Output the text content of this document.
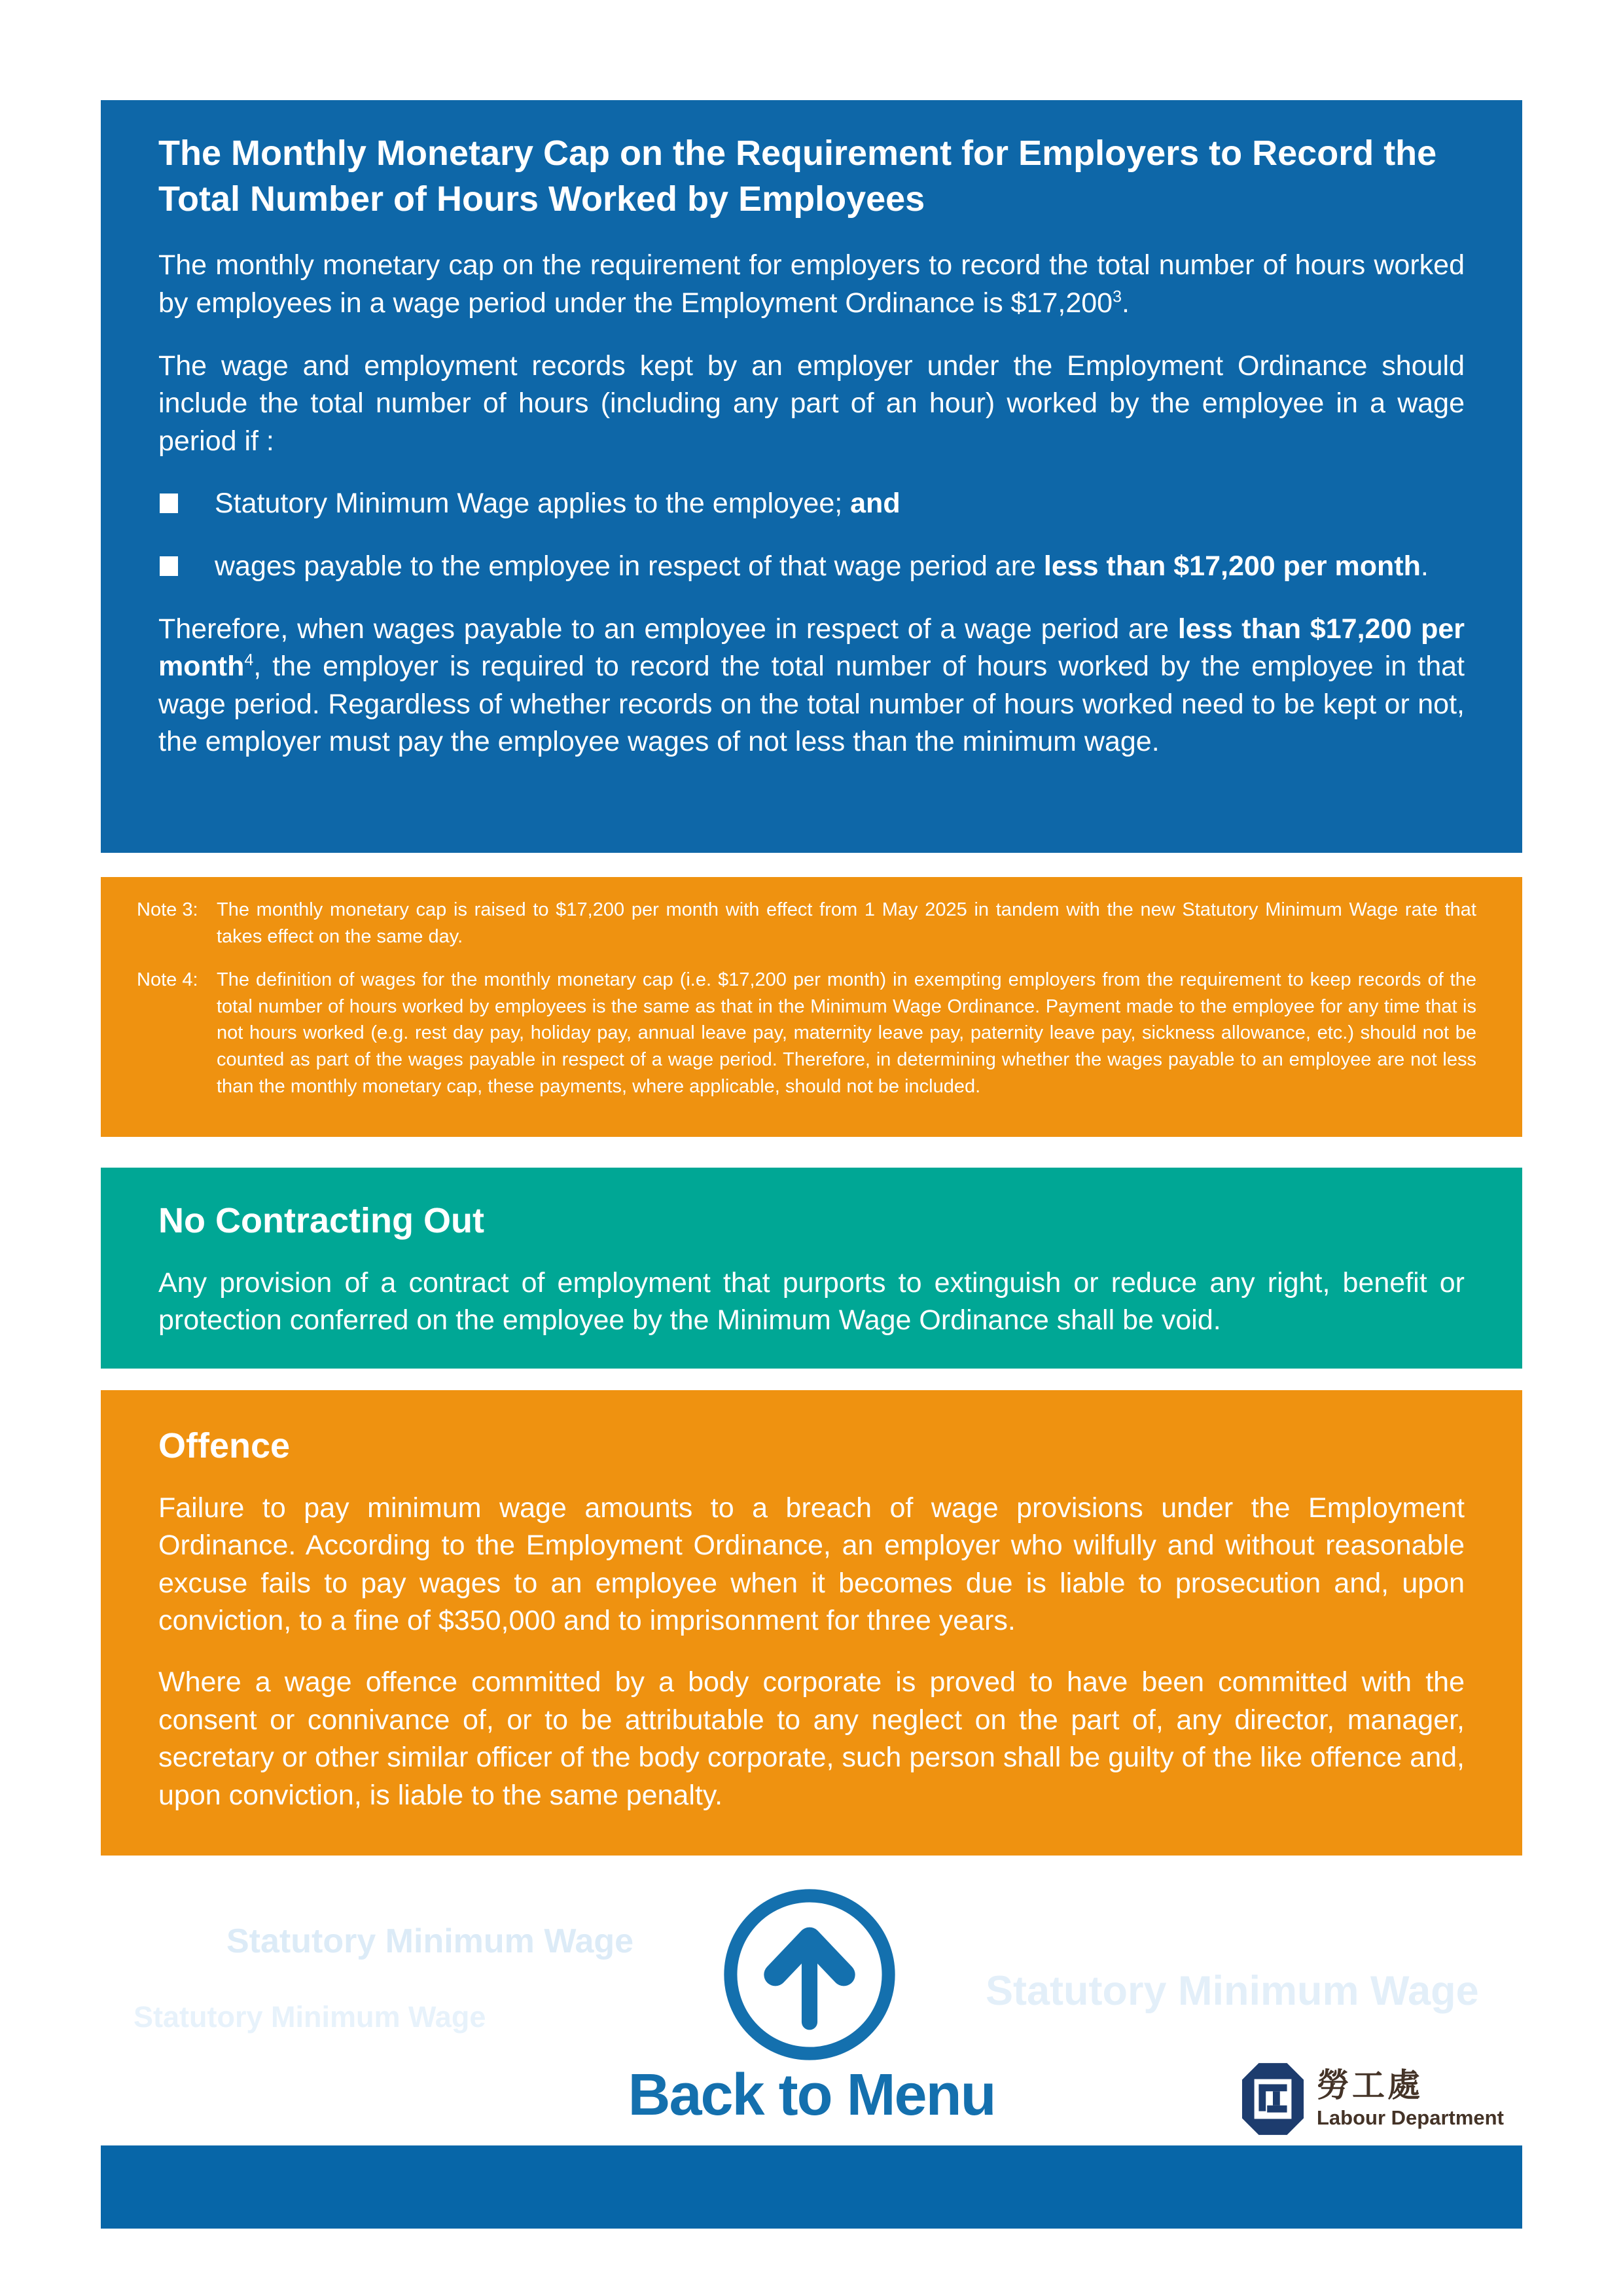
The Monthly Monetary Cap on the Requirement for Employers to Record the Total Number of Hours Worked by Employees

The monthly monetary cap on the requirement for employers to record the total number of hours worked by employees in a wage period under the Employment Ordinance is $17,200$^3$.

The wage and employment records kept by an employer under the Employment Ordinance should include the total number of hours (including any part of an hour) worked by the employee in a wage period if :

Statutory Minimum Wage applies to the employee; and
wages payable to the employee in respect of that wage period are less than $17,200 per month.

Therefore, when wages payable to an employee in respect of a wage period are less than $17,200 per month$^4$, the employer is required to record the total number of hours worked by the employee in that wage period. Regardless of whether records on the total number of hours worked need to be kept or not, the employer must pay the employee wages of not less than the minimum wage.

Note 3: The monthly monetary cap is raised to $17,200 per month with effect from 1 May 2025 in tandem with the new Statutory Minimum Wage rate that takes effect on the same day.
Note 4: The definition of wages for the monthly monetary cap (i.e. $17,200 per month) in exempting employers from the requirement to keep records of the total number of hours worked by employees is the same as that in the Minimum Wage Ordinance. Payment made to the employee for any time that is not hours worked (e.g. rest day pay, holiday pay, annual leave pay, maternity leave pay, paternity leave pay, sickness allowance, etc.) should not be counted as part of the wages payable in respect of a wage period. Therefore, in determining whether the wages payable to an employee are not less than the monthly monetary cap, these payments, where applicable, should not be included.
No Contracting Out

Any provision of a contract of employment that purports to extinguish or reduce any right, benefit or protection conferred on the employee by the Minimum Wage Ordinance shall be void.

Offence

Failure to pay minimum wage amounts to a breach of wage provisions under the Employment Ordinance. According to the Employment Ordinance, an employer who wilfully and without reasonable excuse fails to pay wages to an employee when it becomes due is liable to prosecution and, upon conviction, to a fine of $350,000 and to imprisonment for three years.

Where a wage offence committed by a body corporate is proved to have been committed with the consent or connivance of, or to be attributable to any neglect on the part of, any director, manager, secretary or other similar officer of the body corporate, such person shall be guilty of the like offence and, upon conviction, is liable to the same penalty.

Statutory Minimum Wage
Statutory Minimum Wage
Statutory Minimum Wage
Back to Menu	勞工處
Labour Department
